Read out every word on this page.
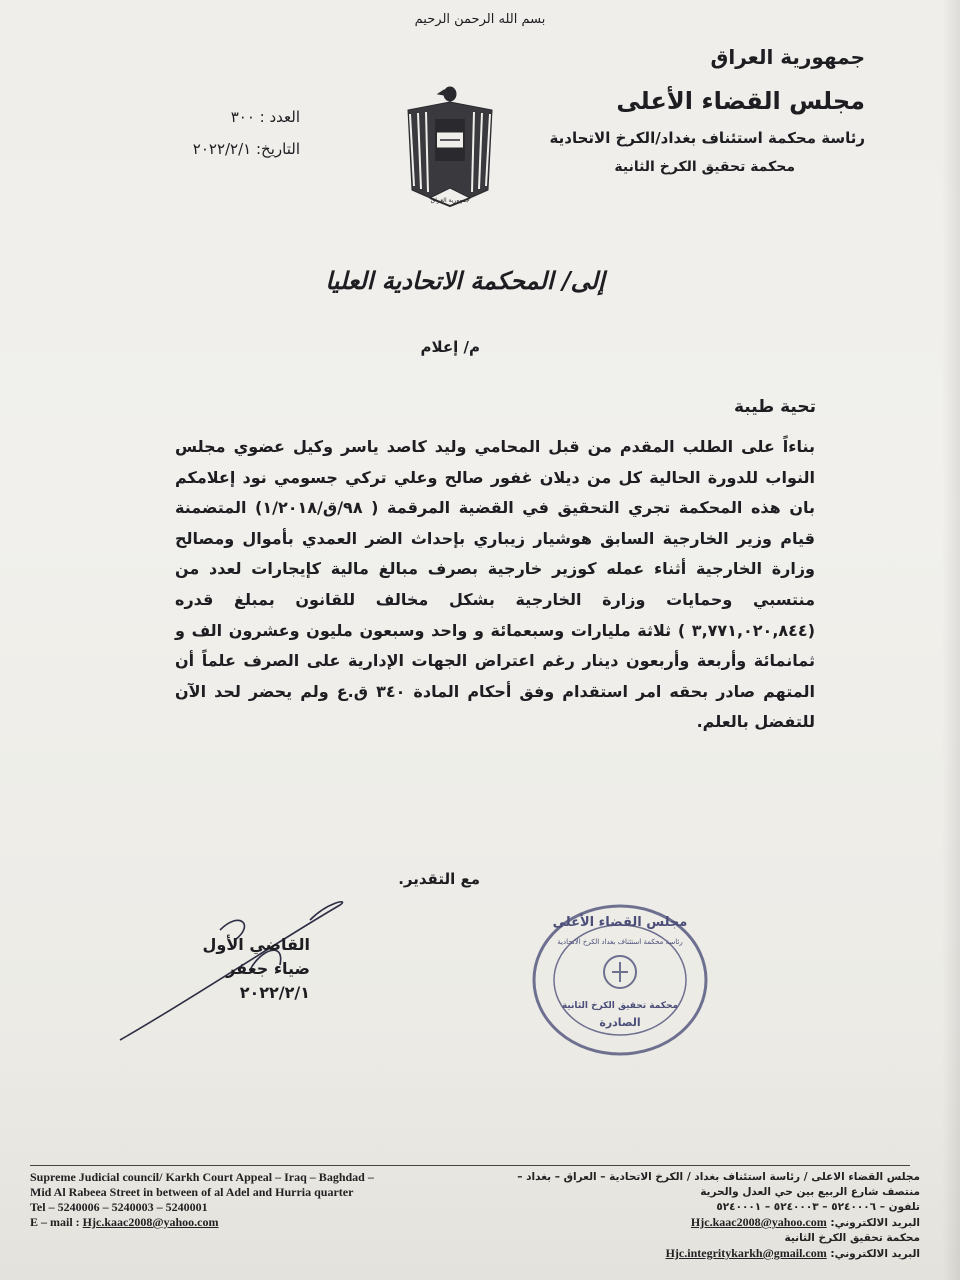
بسم الله الرحمن الرحيم
جمهورية العراق
مجلس القضاء الأعلى
رئاسة محكمة استئناف بغداد/الكرخ الاتحادية
محكمة تحقيق الكرخ الثانية
جمهورية العراق
العدد : ٣٠٠
التاريخ: ٢٠٢٢/٢/١
إلى/ المحكمة الاتحادية العليا
م/ إعلام
تحية طيبة
بناءاً على الطلب المقدم من قبل المحامي وليد كاصد ياسر وكيل عضوي مجلس النواب للدورة الحالية كل من ديلان غفور صالح وعلي تركي جسومي نود إعلامكم بان هذه المحكمة تجري التحقيق في القضية المرقمة ( ٩٨/ق/١/٢٠١٨) المتضمنة قيام وزير الخارجية السابق هوشيار زيباري بإحداث الضر العمدي بأموال ومصالح وزارة الخارجية أثناء عمله كوزير خارجية بصرف مبالغ مالية كإيجارات لعدد من منتسبي وحمايات وزارة الخارجية بشكل مخالف للقانون بمبلغ قدره (٣,٧٧١,٠٢٠,٨٤٤ ) ثلاثة مليارات وسبعمائة و واحد وسبعون مليون وعشرون الف و ثمانمائة وأربعة وأربعون دينار رغم اعتراض الجهات الإدارية على الصرف علماً أن المتهم صادر بحقه امر استقدام وفق أحكام المادة ٣٤٠ ق.ع ولم يحضر لحد الآن للتفضل بالعلم.
مع التقدير.
القاضي الأول
ضياء جعفر
٢٠٢٢/٢/١
مجلس القضاء الأعلى
رئاسة محكمة استئناف بغداد الكرخ الاتحادية
محكمة تحقيق الكرخ الثانية
الصادرة
Supreme Judicial council/ Karkh Court Appeal – Iraq – Baghdad –
Mid Al Rabeea Street in between of al Adel and Hurria quarter
Tel – 5240006 – 5240003 – 5240001
E – mail : Hjc.kaac2008@yahoo.com
مجلس القضاء الاعلى / رئاسة استئناف بغداد / الكرخ الاتحادية – العراق – بغداد –
منتصف شارع الربيع بين حي العدل والحرية
تلفون – ٥٢٤٠٠٠٦ – ٥٢٤٠٠٠٣ – ٥٢٤٠٠٠١
البريد الالكتروني: Hjc.kaac2008@yahoo.com
محكمة تحقيق الكرخ الثانية
البريد الالكتروني: Hjc.integritykarkh@gmail.com
